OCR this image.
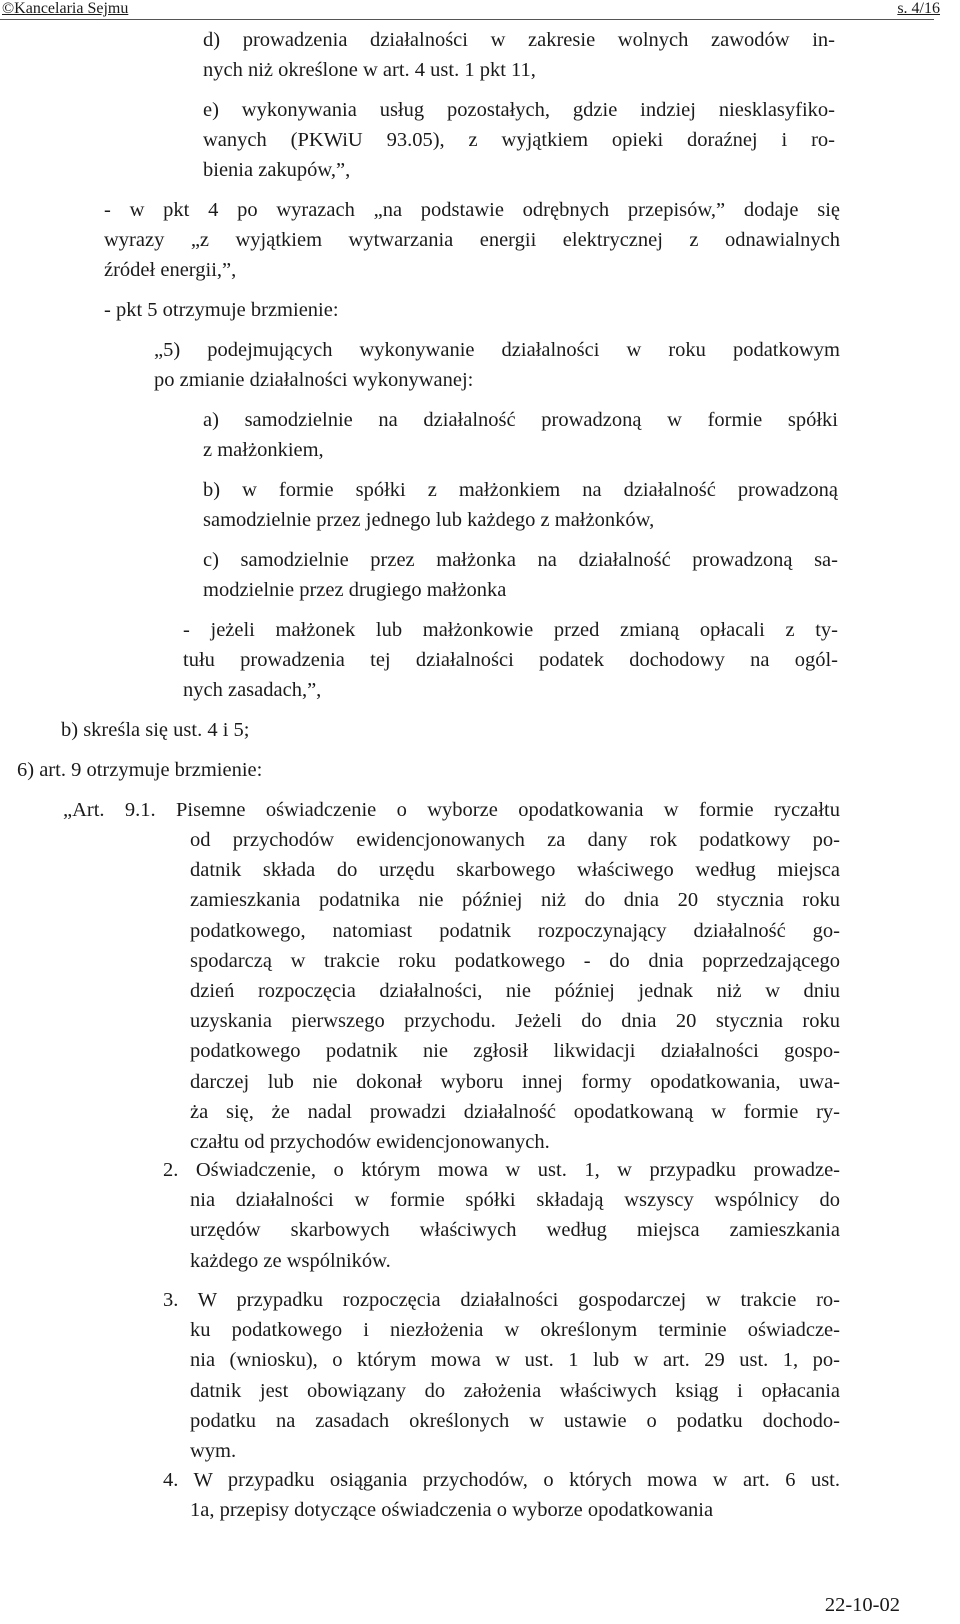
©Kancelaria Sejmu	s. 4/16
d) prowadzenia działalności w zakresie wolnych zawodów in-
nych niż określone w art. 4 ust. 1 pkt 11,
e) wykonywania usług pozostałych, gdzie indziej niesklasyfiko-
wanych (PKWiU 93.05), z wyjątkiem opieki doraźnej i ro-
bienia zakupów,”,
- w pkt 4 po wyrazach „na podstawie odrębnych przepisów,” dodaje się
wyrazy „z wyjątkiem wytwarzania energii elektrycznej z odnawialnych
źródeł energii,”,
- pkt 5 otrzymuje brzmienie:
„5) podejmujących wykonywanie działalności w roku podatkowym
po zmianie działalności wykonywanej:
a) samodzielnie na działalność prowadzoną w formie spółki
z małżonkiem,
b) w formie spółki z małżonkiem na działalność prowadzoną
samodzielnie przez jednego lub każdego z małżonków,
c) samodzielnie przez małżonka na działalność prowadzoną sa-
modzielnie przez drugiego małżonka
- jeżeli małżonek lub małżonkowie przed zmianą opłacali z ty-
tułu prowadzenia tej działalności podatek dochodowy na ogól-
nych zasadach,”,
b) skreśla się ust. 4 i 5;
6) art. 9 otrzymuje brzmienie:
„Art. 9.1. Pisemne oświadczenie o wyborze opodatkowania w formie ryczałtu
od przychodów ewidencjonowanych za dany rok podatkowy po-
datnik składa do urzędu skarbowego właściwego według miejsca
zamieszkania podatnika nie później niż do dnia 20 stycznia roku
podatkowego, natomiast podatnik rozpoczynający działalność go-
spodarczą w trakcie roku podatkowego - do dnia poprzedzającego
dzień rozpoczęcia działalności, nie później jednak niż w dniu
uzyskania pierwszego przychodu. Jeżeli do dnia 20 stycznia roku
podatkowego podatnik nie zgłosił likwidacji działalności gospo-
darczej lub nie dokonał wyboru innej formy opodatkowania, uwa-
ża się, że nadal prowadzi działalność opodatkowaną w formie ry-
czałtu od przychodów ewidencjonowanych.
2. Oświadczenie, o którym mowa w ust. 1, w przypadku prowadze-
nia działalności w formie spółki składają wszyscy wspólnicy do
urzędów skarbowych właściwych według miejsca zamieszkania
każdego ze wspólników.
3. W przypadku rozpoczęcia działalności gospodarczej w trakcie ro-
ku podatkowego i niezłożenia w określonym terminie oświadcze-
nia (wniosku), o którym mowa w ust. 1 lub w art. 29 ust. 1, po-
datnik jest obowiązany do założenia właściwych ksiąg i opłacania
podatku na zasadach określonych w ustawie o podatku dochodo-
wym.
4. W przypadku osiągania przychodów, o których mowa w art. 6 ust.
1a, przepisy dotyczące oświadczenia o wyborze opodatkowania
22-10-02
